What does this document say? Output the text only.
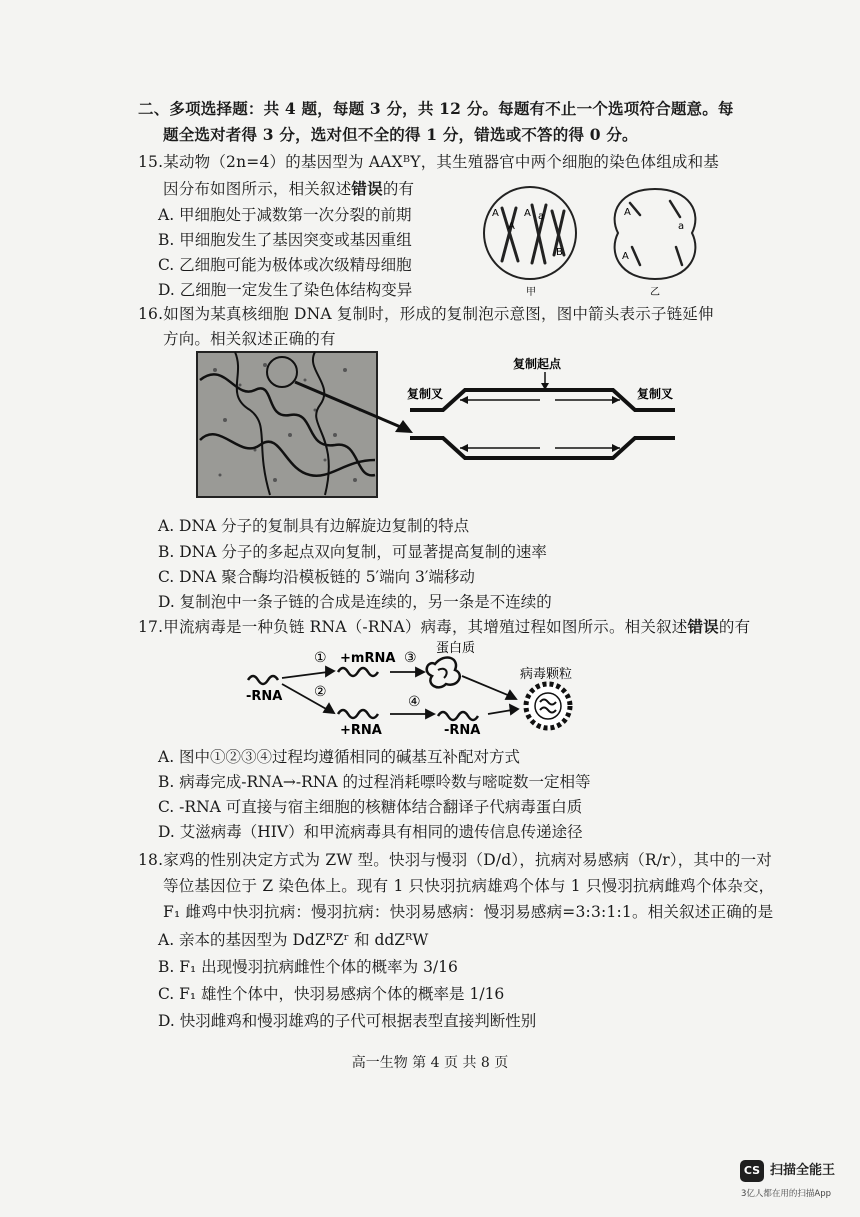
二、多项选择题：共 4 题，每题 3 分，共 12 分。每题有不止一个选项符合题意。每
题全选对者得 3 分，选对但不全的得 1 分，错选或不答的得 0 分。
15.某动物（2n=4）的基因型为 AAXᴮY，其生殖器官中两个细胞的染色体组成和基
因分布如图所示，相关叙述错误的有
A. 甲细胞处于减数第一次分裂的前期
B. 甲细胞发生了基因突变或基因重组
C. 乙细胞可能为极体或次级精母细胞
D. 乙细胞一定发生了染色体结构变异
A
A
A a
B
甲
A
a
A
乙
16.如图为某真核细胞 DNA 复制时，形成的复制泡示意图，图中箭头表示子链延伸
方向。相关叙述正确的有
复制起点
复制叉	复制叉
A. DNA 分子的复制具有边解旋边复制的特点
B. DNA 分子的多起点双向复制，可显著提高复制的速率
C. DNA 聚合酶均沿模板链的 5′端向 3′端移动
D. 复制泡中一条子链的合成是连续的，另一条是不连续的
17.甲流病毒是一种负链 RNA（-RNA）病毒，其增殖过程如图所示。相关叙述错误的有
① +mRNA
-RNA ②
+RNA
③
蛋白质
④
-RNA
病毒颗粒
A. 图中①②③④过程均遵循相同的碱基互补配对方式
B. 病毒完成-RNA→-RNA 的过程消耗嘌呤数与嘧啶数一定相等
C. -RNA 可直接与宿主细胞的核糖体结合翻译子代病毒蛋白质
D. 艾滋病毒（HIV）和甲流病毒具有相同的遗传信息传递途径
18.家鸡的性别决定方式为 ZW 型。快羽与慢羽（D/d），抗病对易感病（R/r），其中的一对
等位基因位于 Z 染色体上。现有 1 只快羽抗病雄鸡个体与 1 只慢羽抗病雌鸡个体杂交，
F₁ 雌鸡中快羽抗病：慢羽抗病：快羽易感病：慢羽易感病=3:3:1:1。相关叙述正确的是
A. 亲本的基因型为 DdZᴿZʳ 和 ddZᴿW
B. F₁ 出现慢羽抗病雌性个体的概率为 3/16
C. F₁ 雄性个体中，快羽易感病个体的概率是 1/16
D. 快羽雌鸡和慢羽雄鸡的子代可根据表型直接判断性别
高一生物 第 4 页 共 8 页
CS 扫描全能王
3亿人都在用的扫描App
